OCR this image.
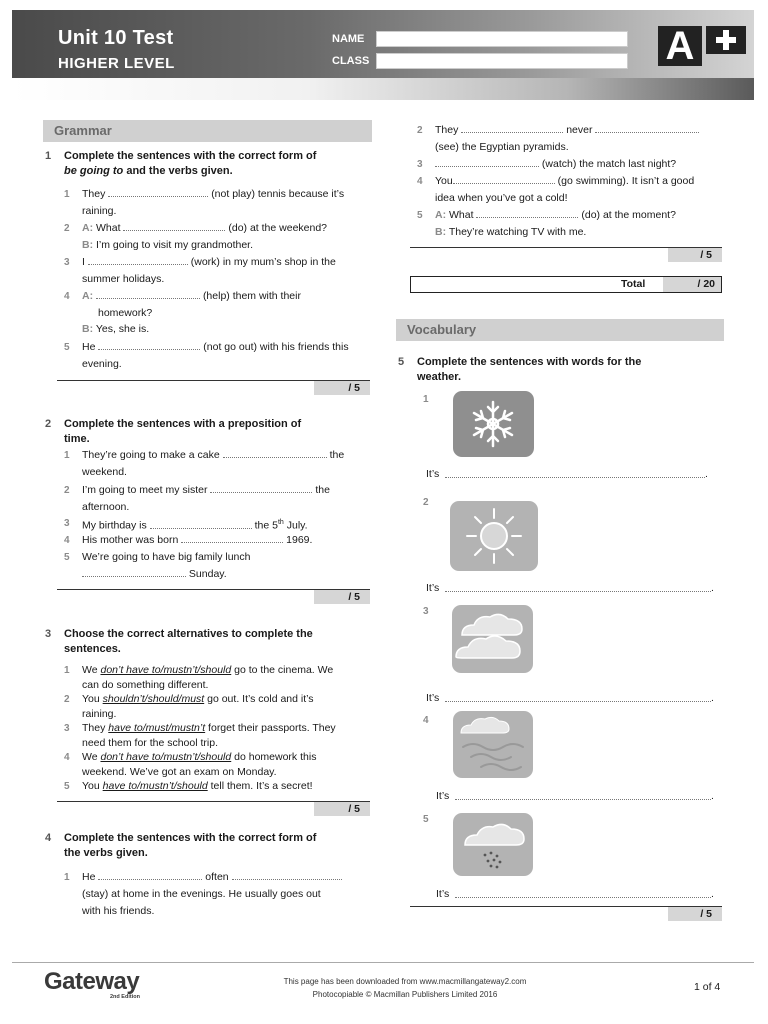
Unit 10 Test
HIGHER LEVEL
NAME
CLASS	A
Grammar
1 Complete the sentences with the correct form of
be going to and the verbs given.
1 They	(not play) tennis because it’s
raining.
2 A: What	(do) at the weekend?
B: I’m going to visit my grandmother.
3 I	(work) in my mum’s shop in the
summer holidays.
4 A:	(help) them with their
homework?
B: Yes, she is.
5 He	(not go out) with his friends this
evening.
/ 5
2 Complete the sentences with a preposition of
time.
1 They’re going to make a cake	the
weekend.
2 I’m going to meet my sister	the
afternoon.
3 My birthday is	the 5th July.
4 His mother was born	1969.
5 We’re going to have big family lunch
Sunday.
/ 5
3 Choose the correct alternatives to complete the
sentences.
1 We don’t have to/mustn’t/should go to the cinema. We
can do something different.
2 You shouldn’t/should/must go out. It’s cold and it’s
raining.
3 They have to/must/mustn’t forget their passports. They
need them for the school trip.
4 We don’t have to/mustn’t/should do homework this
weekend. We’ve got an exam on Monday.
5 You have to/mustn’t/should tell them. It’s a secret!
/ 5
4 Complete the sentences with the correct form of
the verbs given.
1 He	often
(stay) at home in the evenings. He usually goes out
with his friends.
2 They	never
(see) the Egyptian pyramids.
3	(watch) the match last night?
4 You	(go swimming). It isn’t a good
idea when you’ve got a cold!
5 A: What	(do) at the moment?
B: They’re watching TV with me.
/ 5
Total	/ 20
Vocabulary
5 Complete the sentences with words for the
weather.
1
It’s	.
2
It’s	.
3
It’s	.
4
It’s	.
5
It’s	.
/ 5
Gateway
2nd Edition
This page has been downloaded from www.macmillangateway2.com
Photocopiable © Macmillan Publishers Limited 2016
1 of 4
